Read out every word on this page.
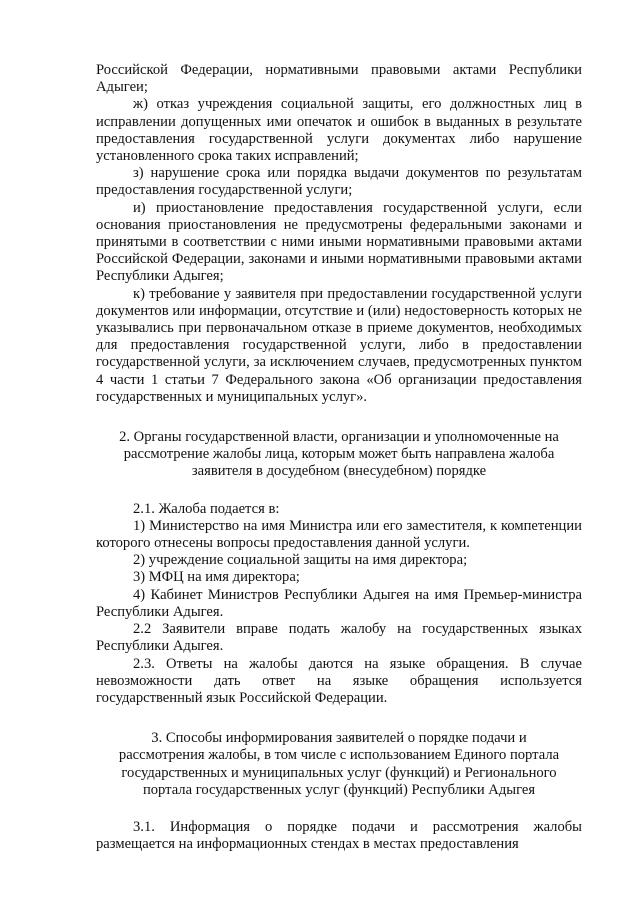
Российской Федерации, нормативными правовыми актами Республики Адыгеи;

ж) отказ учреждения социальной защиты, его должностных лиц в исправлении допущенных ими опечаток и ошибок в выданных в результате предоставления государственной услуги документах либо нарушение установленного срока таких исправлений;

з) нарушение срока или порядка выдачи документов по результатам предоставления государственной услуги;

и) приостановление предоставления государственной услуги, если основания приостановления не предусмотрены федеральными законами и принятыми в соответствии с ними иными нормативными правовыми актами Российской Федерации, законами и иными нормативными правовыми актами Республики Адыгея;

к) требование у заявителя при предоставлении государственной услуги документов или информации, отсутствие и (или) недостоверность которых не указывались при первоначальном отказе в приеме документов, необходимых для предоставления государственной услуги, либо в предоставлении государственной услуги, за исключением случаев, предусмотренных пунктом 4 части 1 статьи 7 Федерального закона «Об организации предоставления государственных и муниципальных услуг».

2. Органы государственной власти, организации и уполномоченные на рассмотрение жалобы лица, которым может быть направлена жалоба заявителя в досудебном (внесудебном) порядке

2.1. Жалоба подается в:

1) Министерство на имя Министра или его заместителя, к компетенции которого отнесены вопросы предоставления данной услуги.

2) учреждение социальной защиты на имя директора;

3) МФЦ на имя директора;

4) Кабинет Министров Республики Адыгея на имя Премьер-министра Республики Адыгея.

2.2 Заявители вправе подать жалобу на государственных языках Республики Адыгея.

2.3. Ответы на жалобы даются на языке обращения. В случае невозможности дать ответ на языке обращения используется государственный язык Российской Федерации.

3. Способы информирования заявителей о порядке подачи и рассмотрения жалобы, в том числе с использованием Единого портала государственных и муниципальных услуг (функций) и Регионального портала государственных услуг (функций) Республики Адыгея

3.1. Информация о порядке подачи и рассмотрения жалобы размещается на информационных стендах в местах предоставления
